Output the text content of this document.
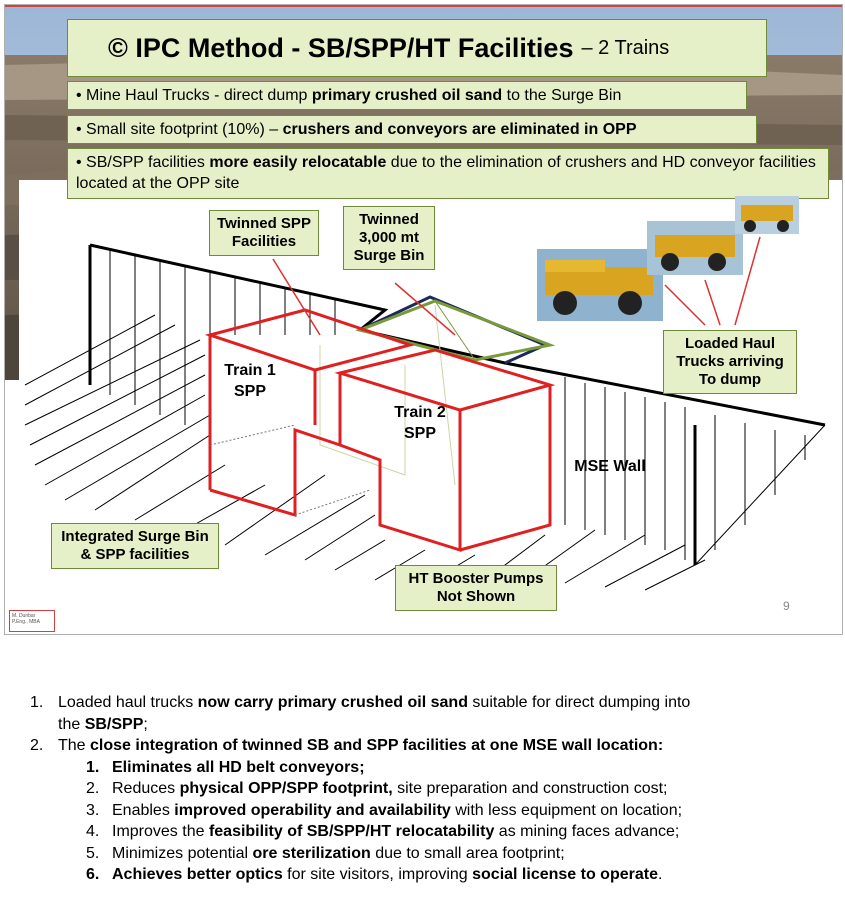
© IPC Method - SB/SPP/HT Facilities – 2 Trains
• Mine Haul Trucks - direct dump primary crushed oil sand to the Surge Bin
• Small site footprint (10%) – crushers and conveyors are eliminated in OPP
• SB/SPP facilities more easily relocatable due to the elimination of crushers and HD conveyor facilities located at the OPP site
Twinned SPP
Facilities
Twinned
3,000 mt
Surge Bin
Train 1
SPP
Train 2
SPP
MSE Wall
Loaded Haul
Trucks arriving
To dump
Integrated Surge Bin
& SPP facilities
HT Booster Pumps
Not Shown
9
M. Dunbar
P.Eng., MBA
1. Loaded haul trucks now carry primary crushed oil sand suitable for direct dumping into
the SB/SPP;
2. The close integration of twinned SB and SPP facilities at one MSE wall location:
1. Eliminates all HD belt conveyors;
2. Reduces physical OPP/SPP footprint, site preparation and construction cost;
3. Enables improved operability and availability with less equipment on location;
4. Improves the feasibility of SB/SPP/HT relocatability as mining faces advance;
5. Minimizes potential ore sterilization due to small area footprint;
6. Achieves better optics for site visitors, improving social license to operate.
